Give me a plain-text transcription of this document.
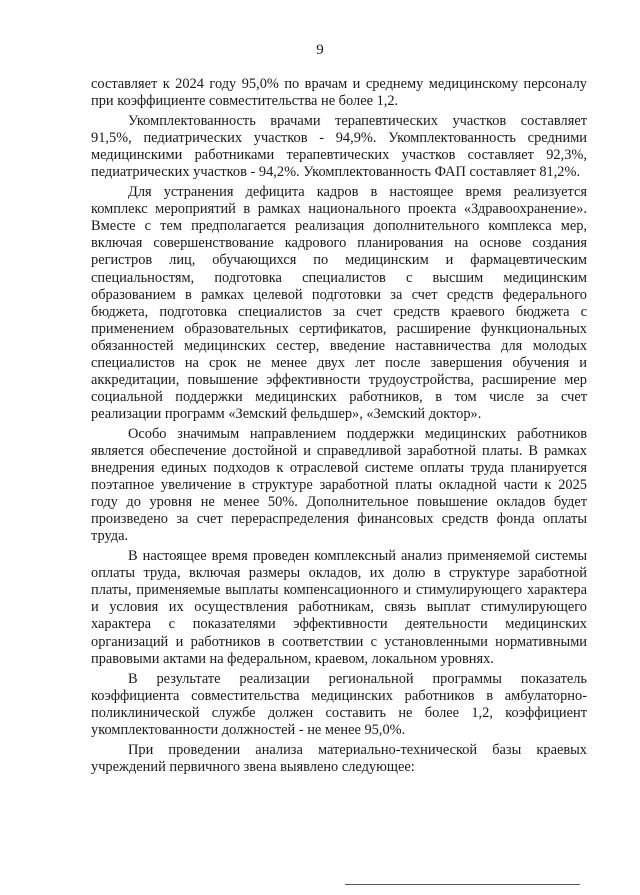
9

составляет к 2024 году 95,0% по врачам и среднему медицинскому персоналу при коэффициенте совместительства не более 1,2.

Укомплектованность врачами терапевтических участков составляет 91,5%, педиатрических участков - 94,9%. Укомплектованность средними медицинскими работниками терапевтических участков составляет 92,3%, педиатрических участков - 94,2%. Укомплектованность ФАП составляет 81,2%.

Для устранения дефицита кадров в настоящее время реализуется комплекс мероприятий в рамках национального проекта «Здравоохранение». Вместе с тем предполагается реализация дополнительного комплекса мер, включая совершенствование кадрового планирования на основе создания регистров лиц, обучающихся по медицинским и фармацевтическим специальностям, подготовка специалистов с высшим медицинским образованием в рамках целевой подготовки за счет средств федерального бюджета, подготовка специалистов за счет средств краевого бюджета с применением образовательных сертификатов, расширение функциональных обязанностей медицинских сестер, введение наставничества для молодых специалистов на срок не менее двух лет после завершения обучения и аккредитации, повышение эффективности трудоустройства, расширение мер социальной поддержки медицинских работников, в том числе за счет реализации программ «Земский фельдшер», «Земский доктор».

Особо значимым направлением поддержки медицинских работников является обеспечение достойной и справедливой заработной платы. В рамках внедрения единых подходов к отраслевой системе оплаты труда планируется поэтапное увеличение в структуре заработной платы окладной части к 2025 году до уровня не менее 50%. Дополнительное повышение окладов будет произведено за счет перераспределения финансовых средств фонда оплаты труда.

В настоящее время проведен комплексный анализ применяемой системы оплаты труда, включая размеры окладов, их долю в структуре заработной платы, применяемые выплаты компенсационного и стимулирующего характера и условия их осуществления работникам, связь выплат стимулирующего характера с показателями эффективности деятельности медицинских организаций и работников в соответствии с установленными нормативными правовыми актами на федеральном, краевом, локальном уровнях.

В результате реализации региональной программы показатель коэффициента совместительства медицинских работников в амбулаторно-поликлинической службе должен составить не более 1,2, коэффициент укомплектованности должностей - не менее 95,0%.

При проведении анализа материально-технической базы краевых учреждений первичного звена выявлено следующее:
